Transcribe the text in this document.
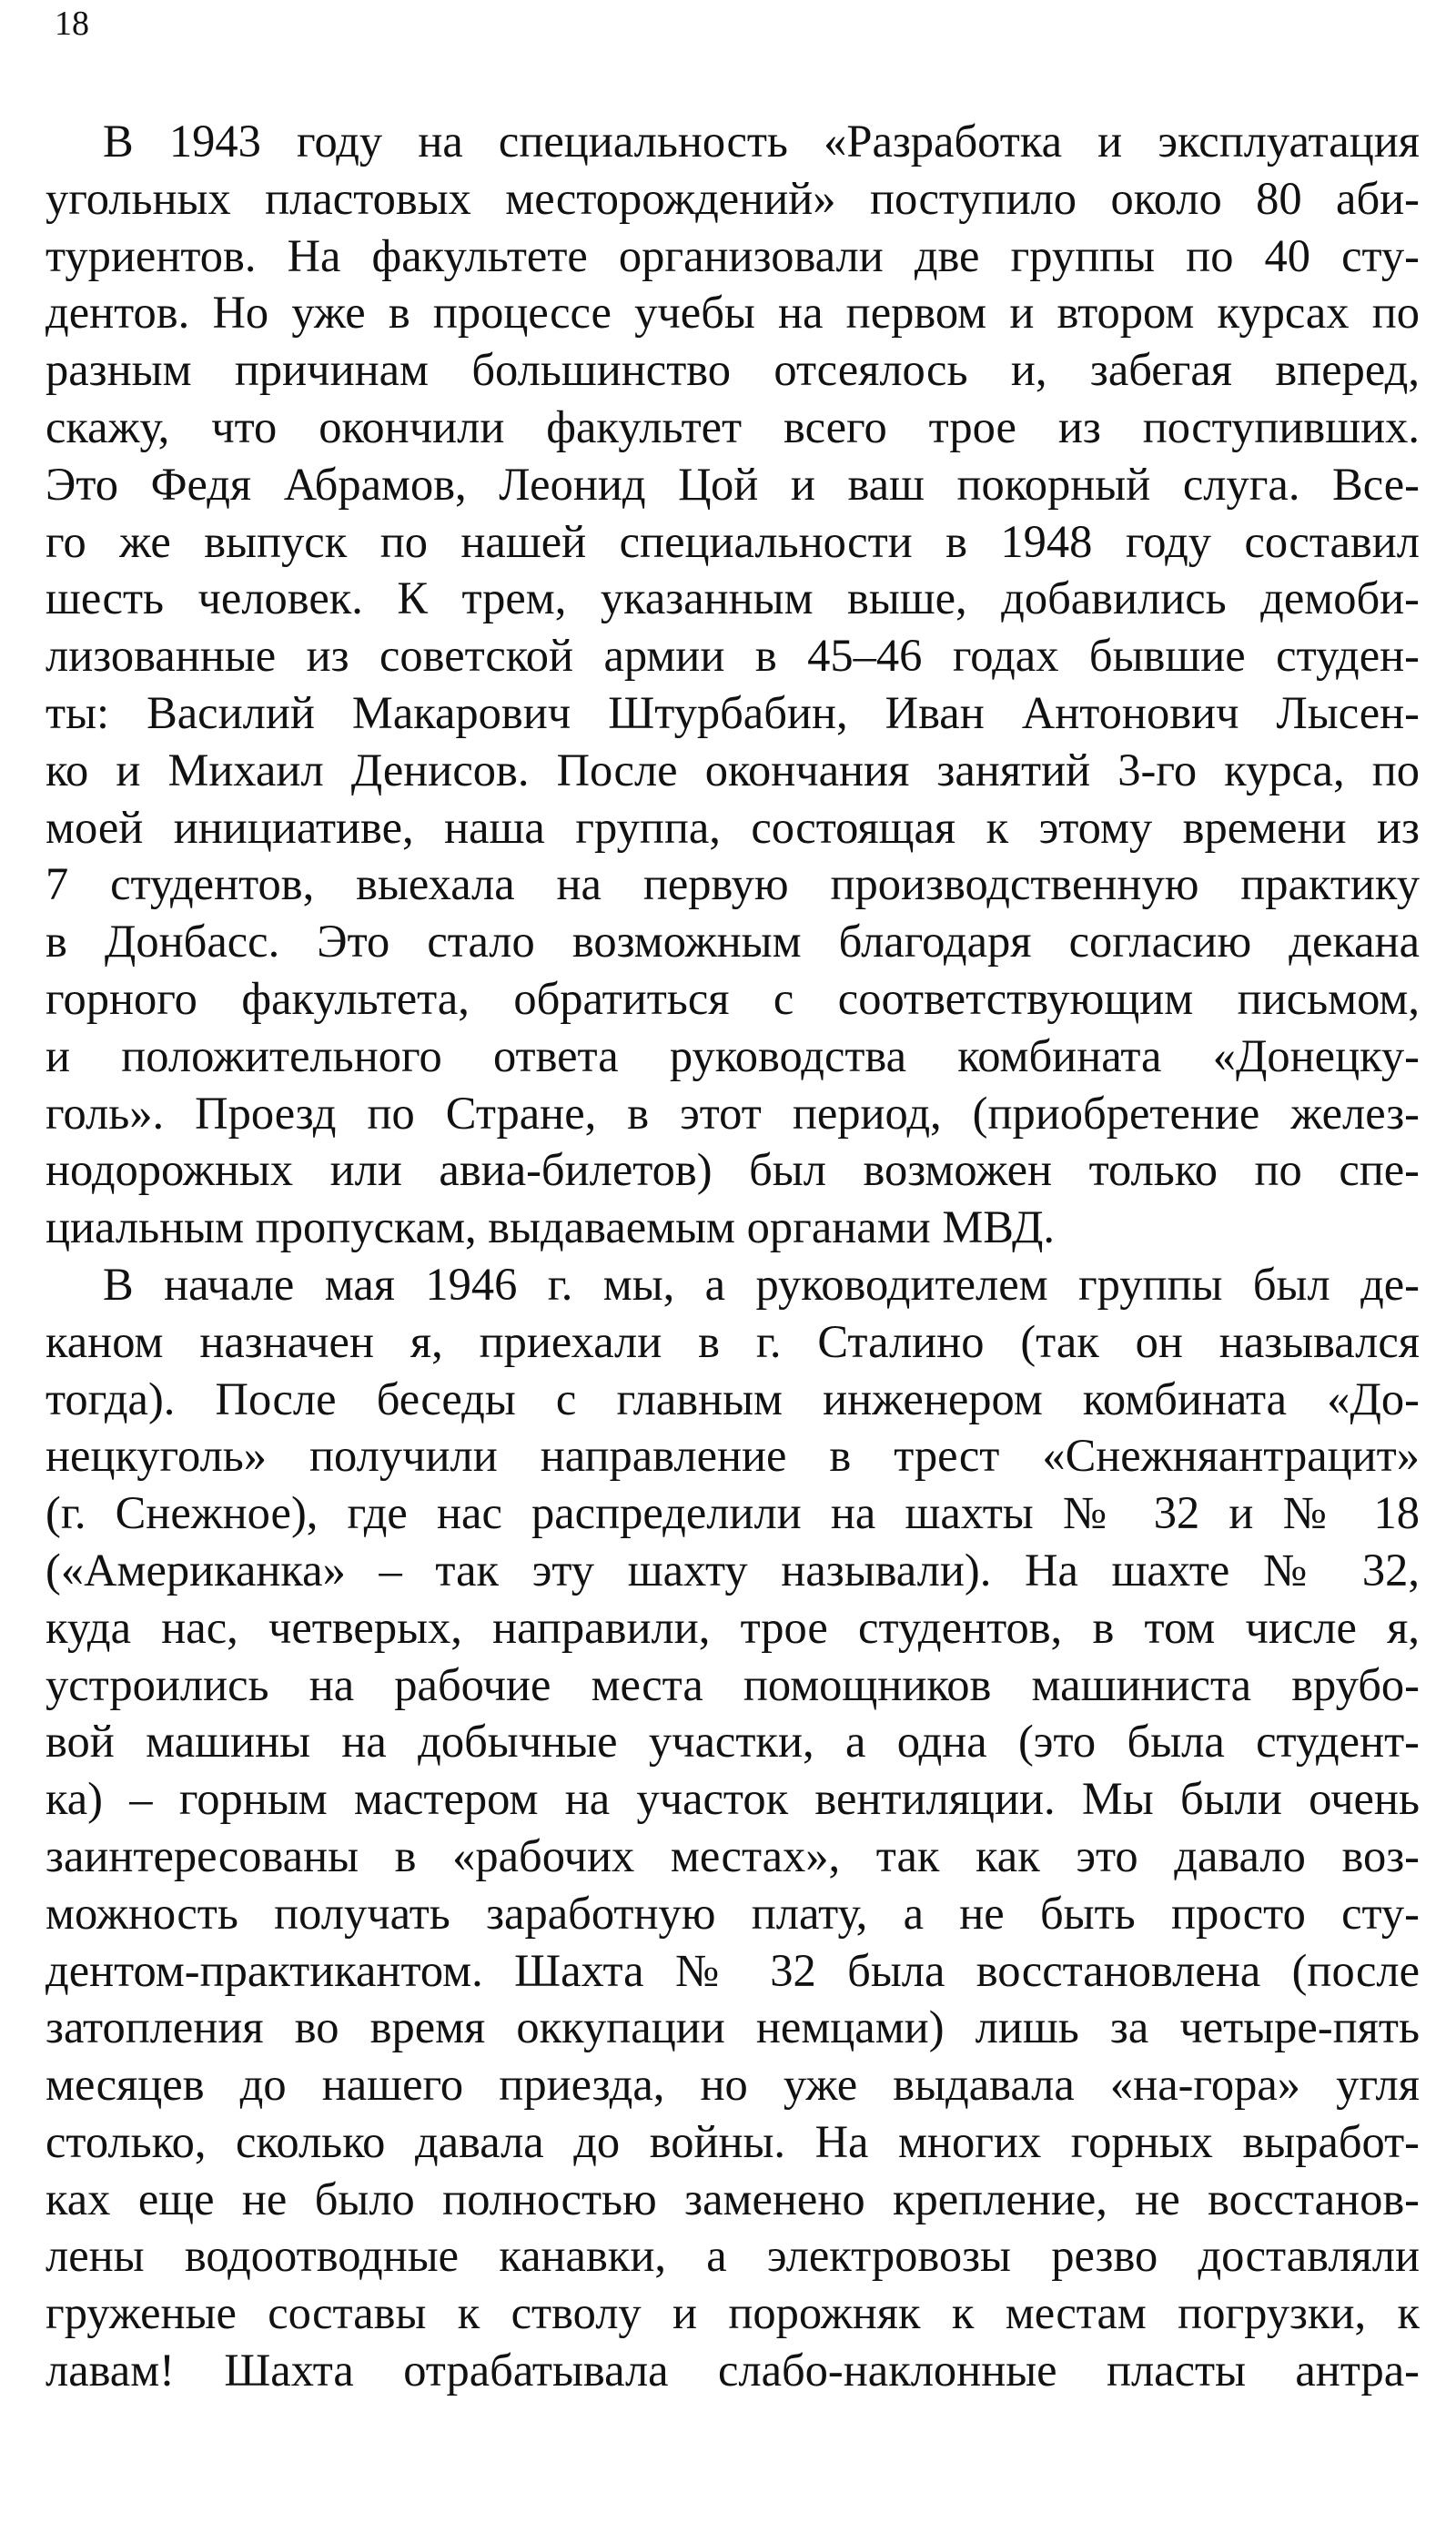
18
В 1943 году на специальность «Разработка и эксплуатация
угольных пластовых месторождений» поступило около 80 аби-
туриентов. На факультете организовали две группы по 40 сту-
дентов. Но уже в процессе учебы на первом и втором курсах по
разным причинам большинство отсеялось и, забегая вперед,
скажу, что окончили факультет всего трое из поступивших.
Это Федя Абрамов, Леонид Цой и ваш покорный слуга. Все-
го же выпуск по нашей специальности в 1948 году составил
шесть человек. К трем, указанным выше, добавились демоби-
лизованные из советской армии в 45–46 годах бывшие студен-
ты: Василий Макарович Штурбабин, Иван Антонович Лысен-
ко и Михаил Денисов. После окончания занятий 3-го курса, по
моей инициативе, наша группа, состоящая к этому времени из
7 студентов, выехала на первую производственную практику
в Донбасс. Это стало возможным благодаря согласию декана
горного факультета, обратиться с соответствующим письмом,
и положительного ответа руководства комбината «Донецку-
голь». Проезд по Стране, в этот период, (приобретение желез-
нодорожных или авиа-билетов) был возможен только по спе-
циальным пропускам, выдаваемым органами МВД.
В начале мая 1946 г. мы, а руководителем группы был де-
каном назначен я, приехали в г. Сталино (так он назывался
тогда). После беседы с главным инженером комбината «До-
нецкуголь» получили направление в трест «Снежняантрацит»
(г. Снежное), где нас распределили на шахты № 32 и № 18
(«Американка» – так эту шахту называли). На шахте № 32,
куда нас, четверых, направили, трое студентов, в том числе я,
устроились на рабочие места помощников машиниста врубо-
вой машины на добычные участки, а одна (это была студент-
ка) – горным мастером на участок вентиляции. Мы были очень
заинтересованы в «рабочих местах», так как это давало воз-
можность получать заработную плату, а не быть просто сту-
дентом-практикантом. Шахта № 32 была восстановлена (после
затопления во время оккупации немцами) лишь за четыре-пять
месяцев до нашего приезда, но уже выдавала «на-гора» угля
столько, сколько давала до войны. На многих горных выработ-
ках еще не было полностью заменено крепление, не восстанов-
лены водоотводные канавки, а электровозы резво доставляли
груженые составы к стволу и порожняк к местам погрузки, к
лавам! Шахта отрабатывала слабо-наклонные пласты антра-
